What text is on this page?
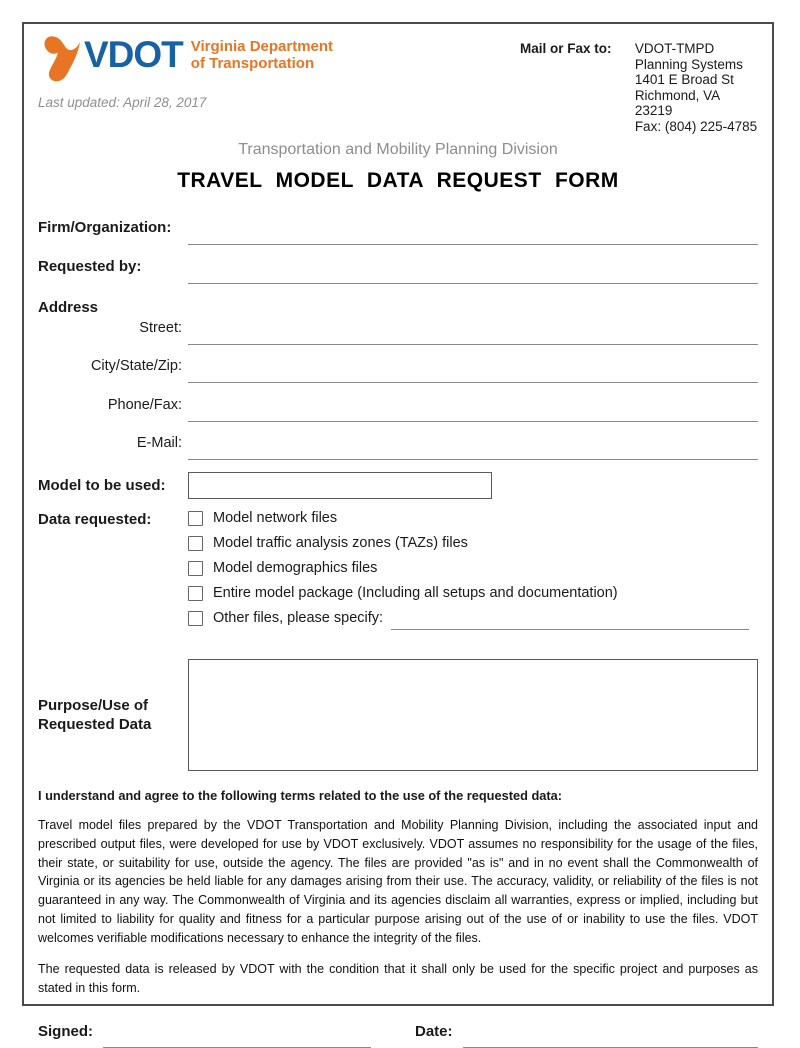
VDOT Virginia Department
of Transportation
Last updated: April 28, 2017
Mail or Fax to:	VDOT-TMPD
Planning Systems
1401 E Broad St
Richmond, VA 23219
Fax: (804) 225-4785
Transportation and Mobility Planning Division
TRAVEL MODEL DATA REQUEST FORM
Firm/Organization:
Requested by:
Address
Street:
City/State/Zip:
Phone/Fax:
E-Mail:
Model to be used:
Data requested:	Model network files
Model traffic analysis zones (TAZs) files
Model demographics files
Entire model package (Including all setups and documentation)
Other files, please specify:
Purpose/Use of
Requested Data
I understand and agree to the following terms related to the use of the requested data:

Travel model files prepared by the VDOT Transportation and Mobility Planning Division, including the associated input and prescribed output files, were developed for use by VDOT exclusively. VDOT assumes no responsibility for the usage of the files, their state, or suitability for use, outside the agency. The files are provided "as is" and in no event shall the Commonwealth of Virginia or its agencies be held liable for any damages arising from their use. The accuracy, validity, or reliability of the files is not guaranteed in any way. The Commonwealth of Virginia and its agencies disclaim all warranties, express or implied, including but not limited to liability for quality and fitness for a particular purpose arising out of the use of or inability to use the files. VDOT welcomes verifiable modifications necessary to enhance the integrity of the files.

The requested data is released by VDOT with the condition that it shall only be used for the specific project and purposes as stated in this form.

Signed:	Date:
